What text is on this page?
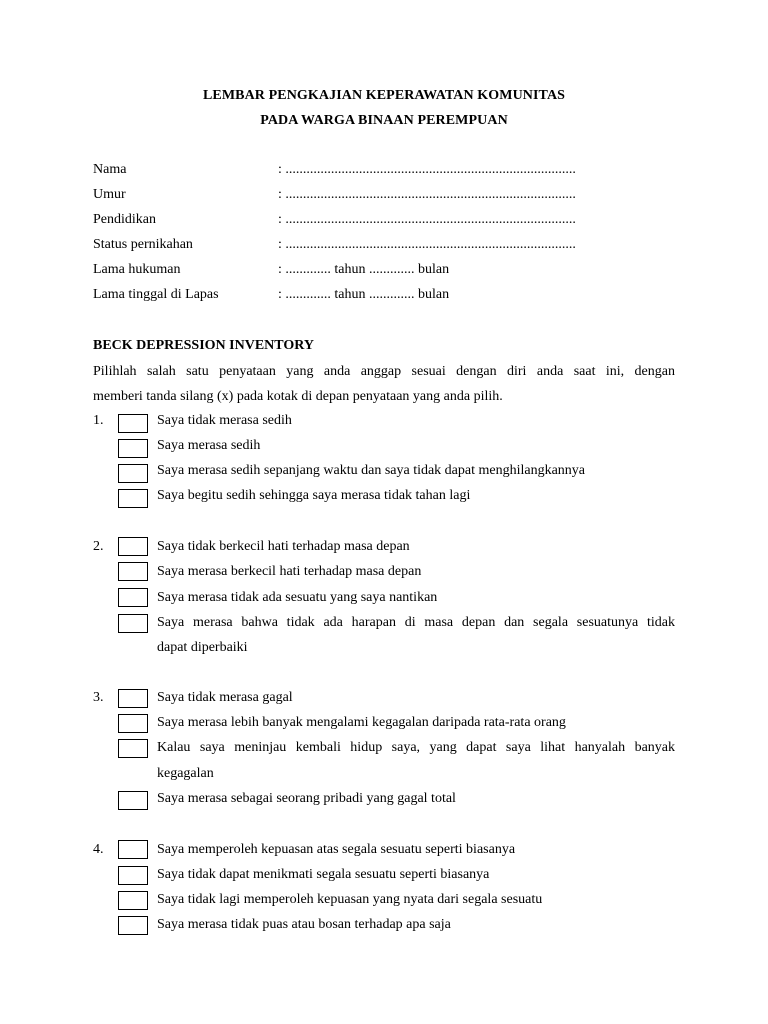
LEMBAR PENGKAJIAN KEPERAWATAN KOMUNITAS
PADA WARGA BINAAN PEREMPUAN
Nama	: ...................................................................................
Umur	: ...................................................................................
Pendidikan	: ...................................................................................
Status pernikahan	: ...................................................................................
Lama hukuman	: ............. tahun ............. bulan
Lama tinggal di Lapas	: ............. tahun ............. bulan
BECK DEPRESSION INVENTORY
Pilihlah salah satu penyataan yang anda anggap sesuai dengan diri anda saat ini, dengan
memberi tanda silang (x) pada kotak di depan penyataan yang anda pilih.
1.	Saya tidak merasa sedih
Saya merasa sedih
Saya merasa sedih sepanjang waktu dan saya tidak dapat menghilangkannya
Saya begitu sedih sehingga saya merasa tidak tahan lagi
2.	Saya tidak berkecil hati terhadap masa depan
Saya merasa berkecil hati terhadap masa depan
Saya merasa tidak ada sesuatu yang saya nantikan
Saya merasa bahwa tidak ada harapan di masa depan dan segala sesuatunya tidak
dapat diperbaiki
3.	Saya tidak merasa gagal
Saya merasa lebih banyak mengalami kegagalan daripada rata-rata orang
Kalau saya meninjau kembali hidup saya, yang dapat saya lihat hanyalah banyak
kegagalan
Saya merasa sebagai seorang pribadi yang gagal total
4.	Saya memperoleh kepuasan atas segala sesuatu seperti biasanya
Saya tidak dapat menikmati segala sesuatu seperti biasanya
Saya tidak lagi memperoleh kepuasan yang nyata dari segala sesuatu
Saya merasa tidak puas atau bosan terhadap apa saja
